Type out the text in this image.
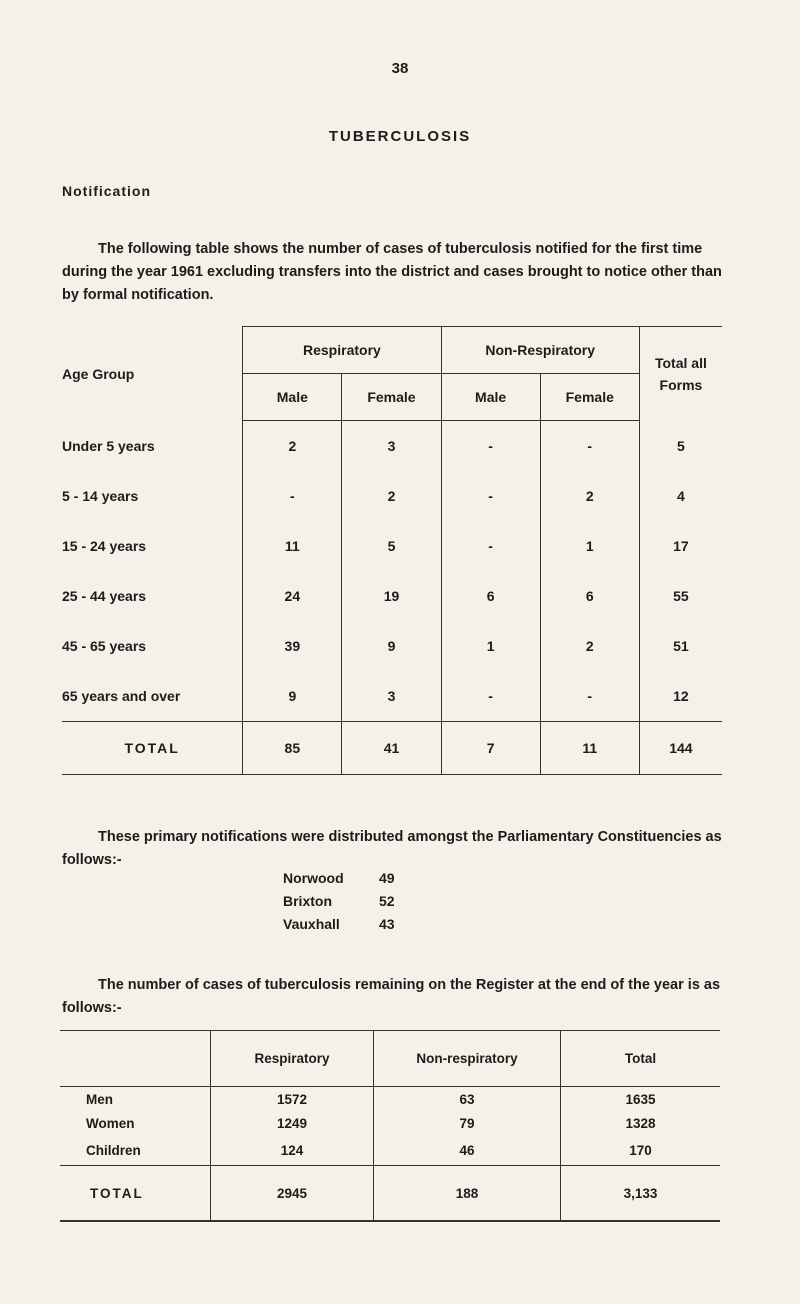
38
TUBERCULOSIS
Notification
The following table shows the number of cases of tuberculosis notified for the first time during the year 1961 excluding transfers into the district and cases brought to notice other than by formal notification.
Age Group	Respiratory		Non-Respiratory		Total all Forms
	Male	Female	Male	Female	
Under 5 years	2	3	-	-	5
5 - 14 years	-	2	-	2	4
15 - 24 years	11	5	-	1	17
25 - 44 years	24	19	6	6	55
45 - 65 years	39	9	1	2	51
65 years and over	9	3	-	-	12
TOTAL	85	41	7	11	144
These primary notifications were distributed amongst the Parliamentary Constituencies as follows:-
Norwood	49
Brixton	52
Vauxhall	43
The number of cases of tuberculosis remaining on the Register at the end of the year is as follows:-
	Respiratory	Non-respiratory	Total
Men	1572	63	1635
Women	1249	79	1328
Children	124	46	170
TOTAL	2945	188	3,133
